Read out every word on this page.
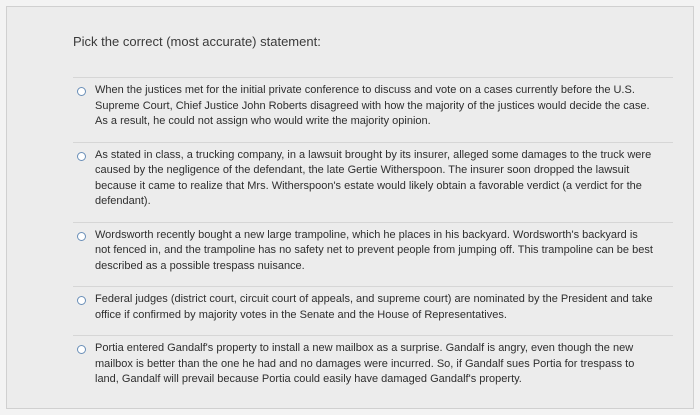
Pick the correct (most accurate) statement:
When the justices met for the initial private conference to discuss and vote on a cases currently before the U.S. Supreme Court, Chief Justice John Roberts disagreed with how the majority of the justices would decide the case. As a result, he could not assign who would write the majority opinion.
As stated in class, a trucking company, in a lawsuit brought by its insurer, alleged some damages to the truck were caused by the negligence of the defendant, the late Gertie Witherspoon. The insurer soon dropped the lawsuit because it came to realize that Mrs. Witherspoon's estate would likely obtain a favorable verdict (a verdict for the defendant).
Wordsworth recently bought a new large trampoline, which he places in his backyard. Wordsworth's backyard is not fenced in, and the trampoline has no safety net to prevent people from jumping off. This trampoline can be best described as a possible trespass nuisance.
Federal judges (district court, circuit court of appeals, and supreme court) are nominated by the President and take office if confirmed by majority votes in the Senate and the House of Representatives.
Portia entered Gandalf's property to install a new mailbox as a surprise. Gandalf is angry, even though the new mailbox is better than the one he had and no damages were incurred. So, if Gandalf sues Portia for trespass to land, Gandalf will prevail because Portia could easily have damaged Gandalf's property.
